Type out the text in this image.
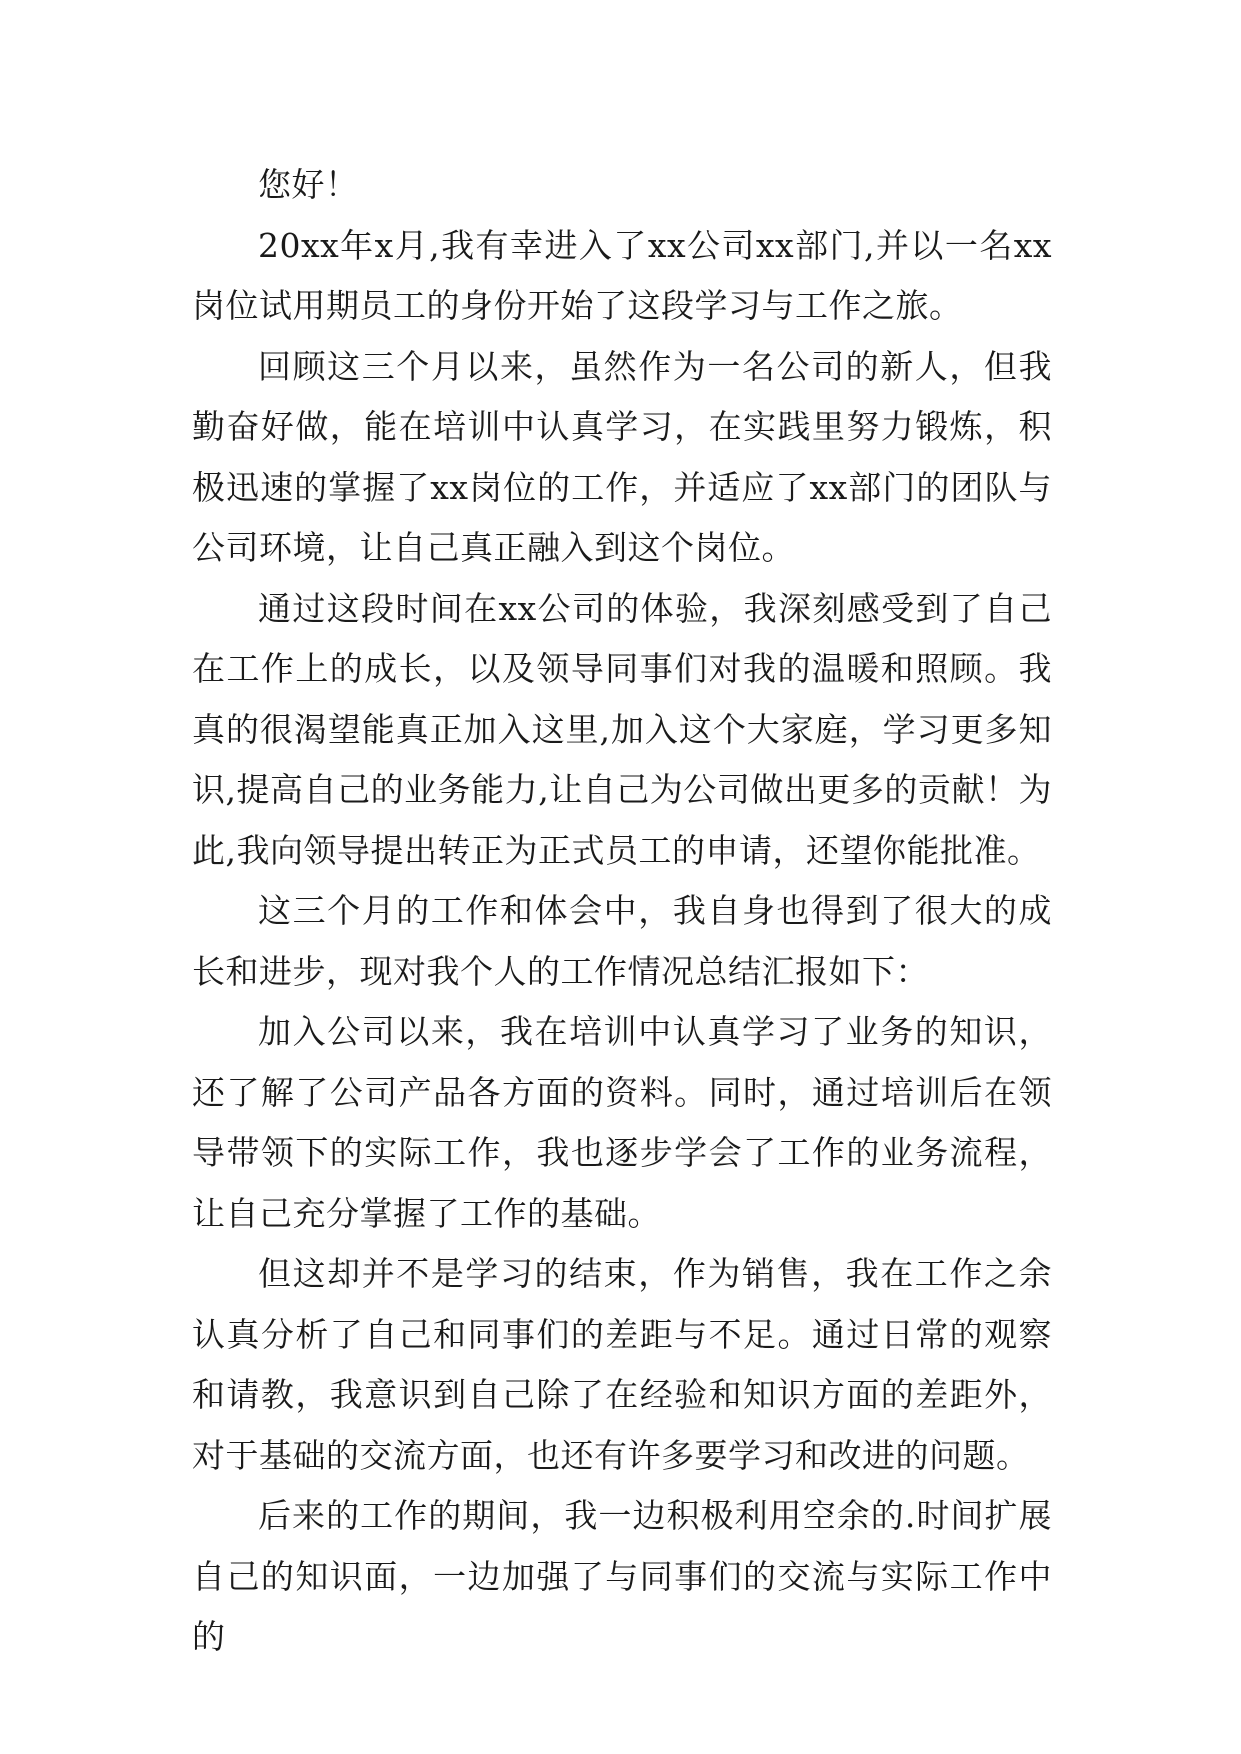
您好！

20xx年x月,我有幸进入了xx公司xx部门,并以一名xx岗位试用期员工的身份开始了这段学习与工作之旅。

回顾这三个月以来，虽然作为一名公司的新人，但我勤奋好做，能在培训中认真学习，在实践里努力锻炼，积极迅速的掌握了xx岗位的工作，并适应了xx部门的团队与公司环境，让自己真正融入到这个岗位。

通过这段时间在xx公司的体验，我深刻感受到了自己在工作上的成长，以及领导同事们对我的温暖和照顾。我真的很渴望能真正加入这里,加入这个大家庭，学习更多知识,提高自己的业务能力,让自己为公司做出更多的贡献！为此,我向领导提出转正为正式员工的申请，还望你能批准。

这三个月的工作和体会中，我自身也得到了很大的成长和进步，现对我个人的工作情况总结汇报如下：

加入公司以来，我在培训中认真学习了业务的知识，还了解了公司产品各方面的资料。同时，通过培训后在领导带领下的实际工作，我也逐步学会了工作的业务流程，让自己充分掌握了工作的基础。

但这却并不是学习的结束，作为销售，我在工作之余认真分析了自己和同事们的差距与不足。通过日常的观察和请教，我意识到自己除了在经验和知识方面的差距外，对于基础的交流方面，也还有许多要学习和改进的问题。

后来的工作的期间，我一边积极利用空余的.时间扩展自己的知识面，一边加强了与同事们的交流与实际工作中的
